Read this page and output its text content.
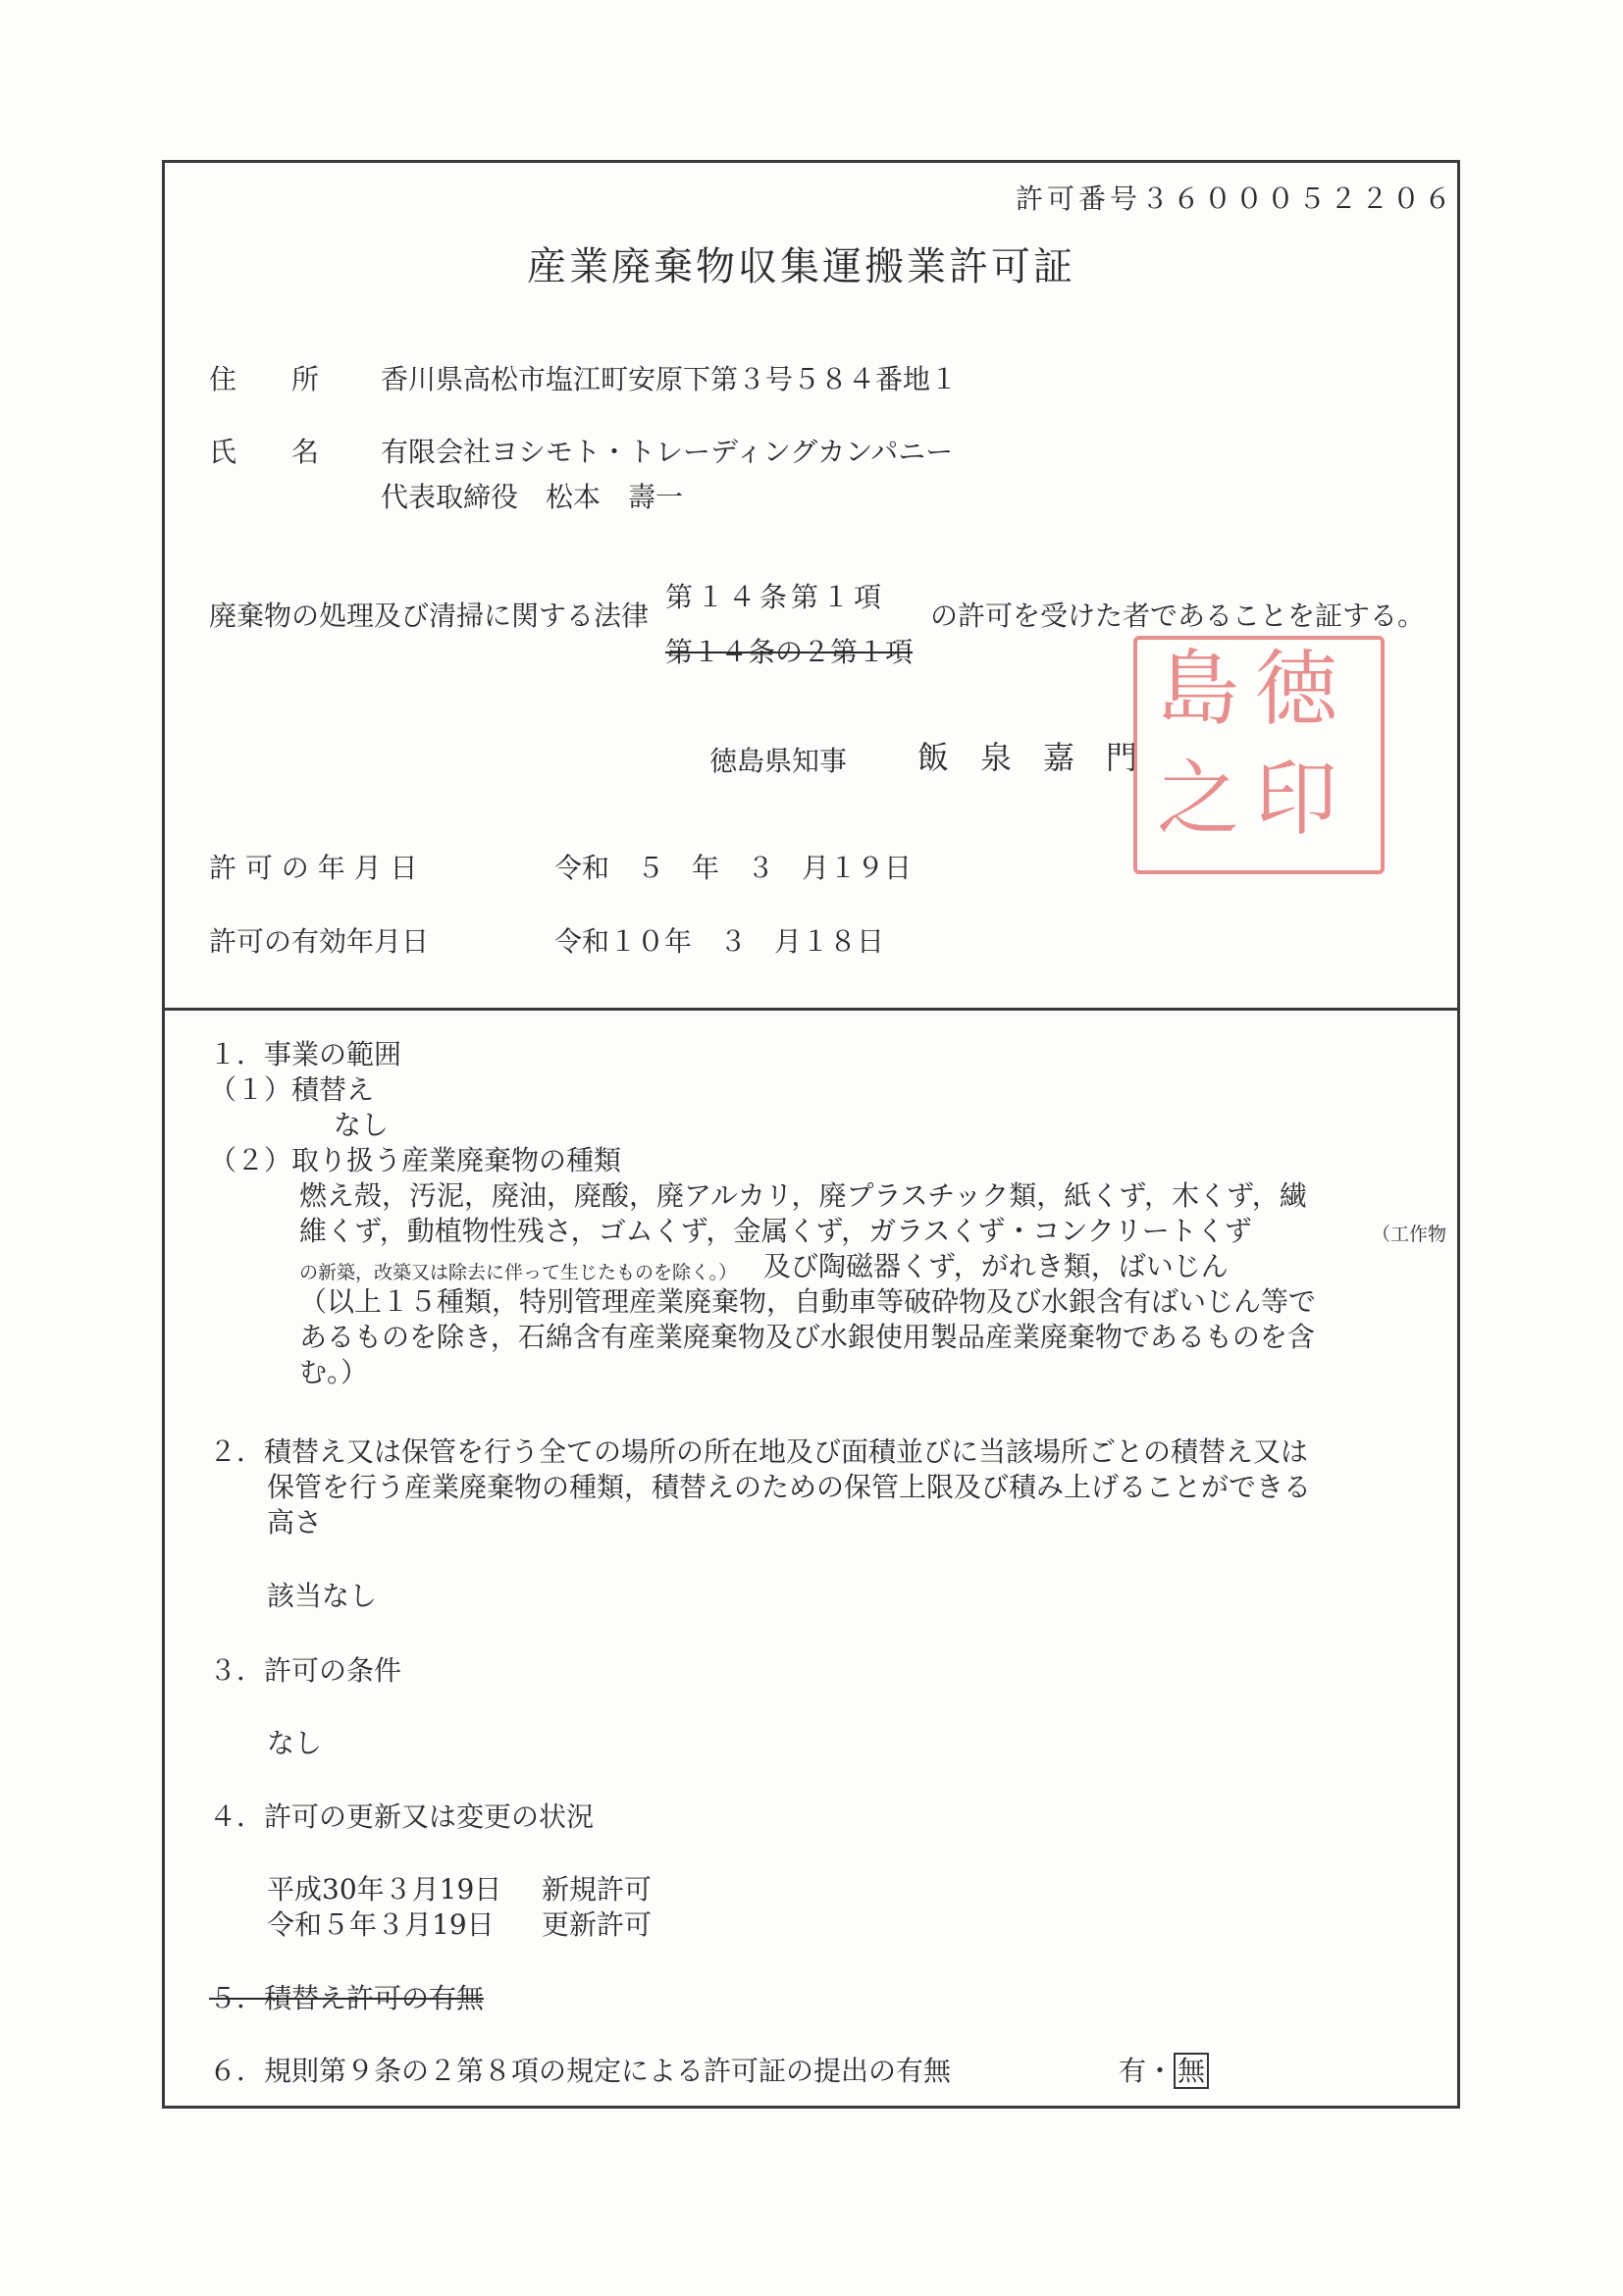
許可番号３６０００５２２０６
産業廃棄物収集運搬業許可証
住　　所 香川県高松市塩江町安原下第３号５８４番地１
氏　　名 有限会社ヨシモト・トレーディングカンパニー
代表取締役　松本　壽一
廃棄物の処理及び清掃に関する法律
第１４条第１項
第１４条の２第１項
の許可を受けた者であることを証する。
徳島県知事 飯　泉　嘉　門
徳
島
印
之
許 可 の 年 月 日	令和　５　年　３　月１９日
許可の有効年月日	令和１０年　３　月１８日
１．事業の範囲
（１）積替え
なし
（２）取り扱う産業廃棄物の種類
燃え殻，汚泥，廃油，廃酸，廃アルカリ，廃プラスチック類，紙くず，木くず，繊
維くず，動植物性残さ，ゴムくず，金属くず，ガラスくず・コンクリートくず	（工作物
の新築，改築又は除去に伴って生じたものを除く。） 及び陶磁器くず，がれき類，ばいじん
（以上１５種類，特別管理産業廃棄物，自動車等破砕物及び水銀含有ばいじん等で
あるものを除き，石綿含有産業廃棄物及び水銀使用製品産業廃棄物であるものを含
む。）
２．積替え又は保管を行う全ての場所の所在地及び面積並びに当該場所ごとの積替え又は
保管を行う産業廃棄物の種類，積替えのための保管上限及び積み上げることができる
高さ
該当なし
３．許可の条件
なし
４．許可の更新又は変更の状況
平成30年３月19日 新規許可
令和５年３月19日 更新許可
５．積替え許可の有無
６．規則第９条の２第８項の規定による許可証の提出の有無	有・ 無
